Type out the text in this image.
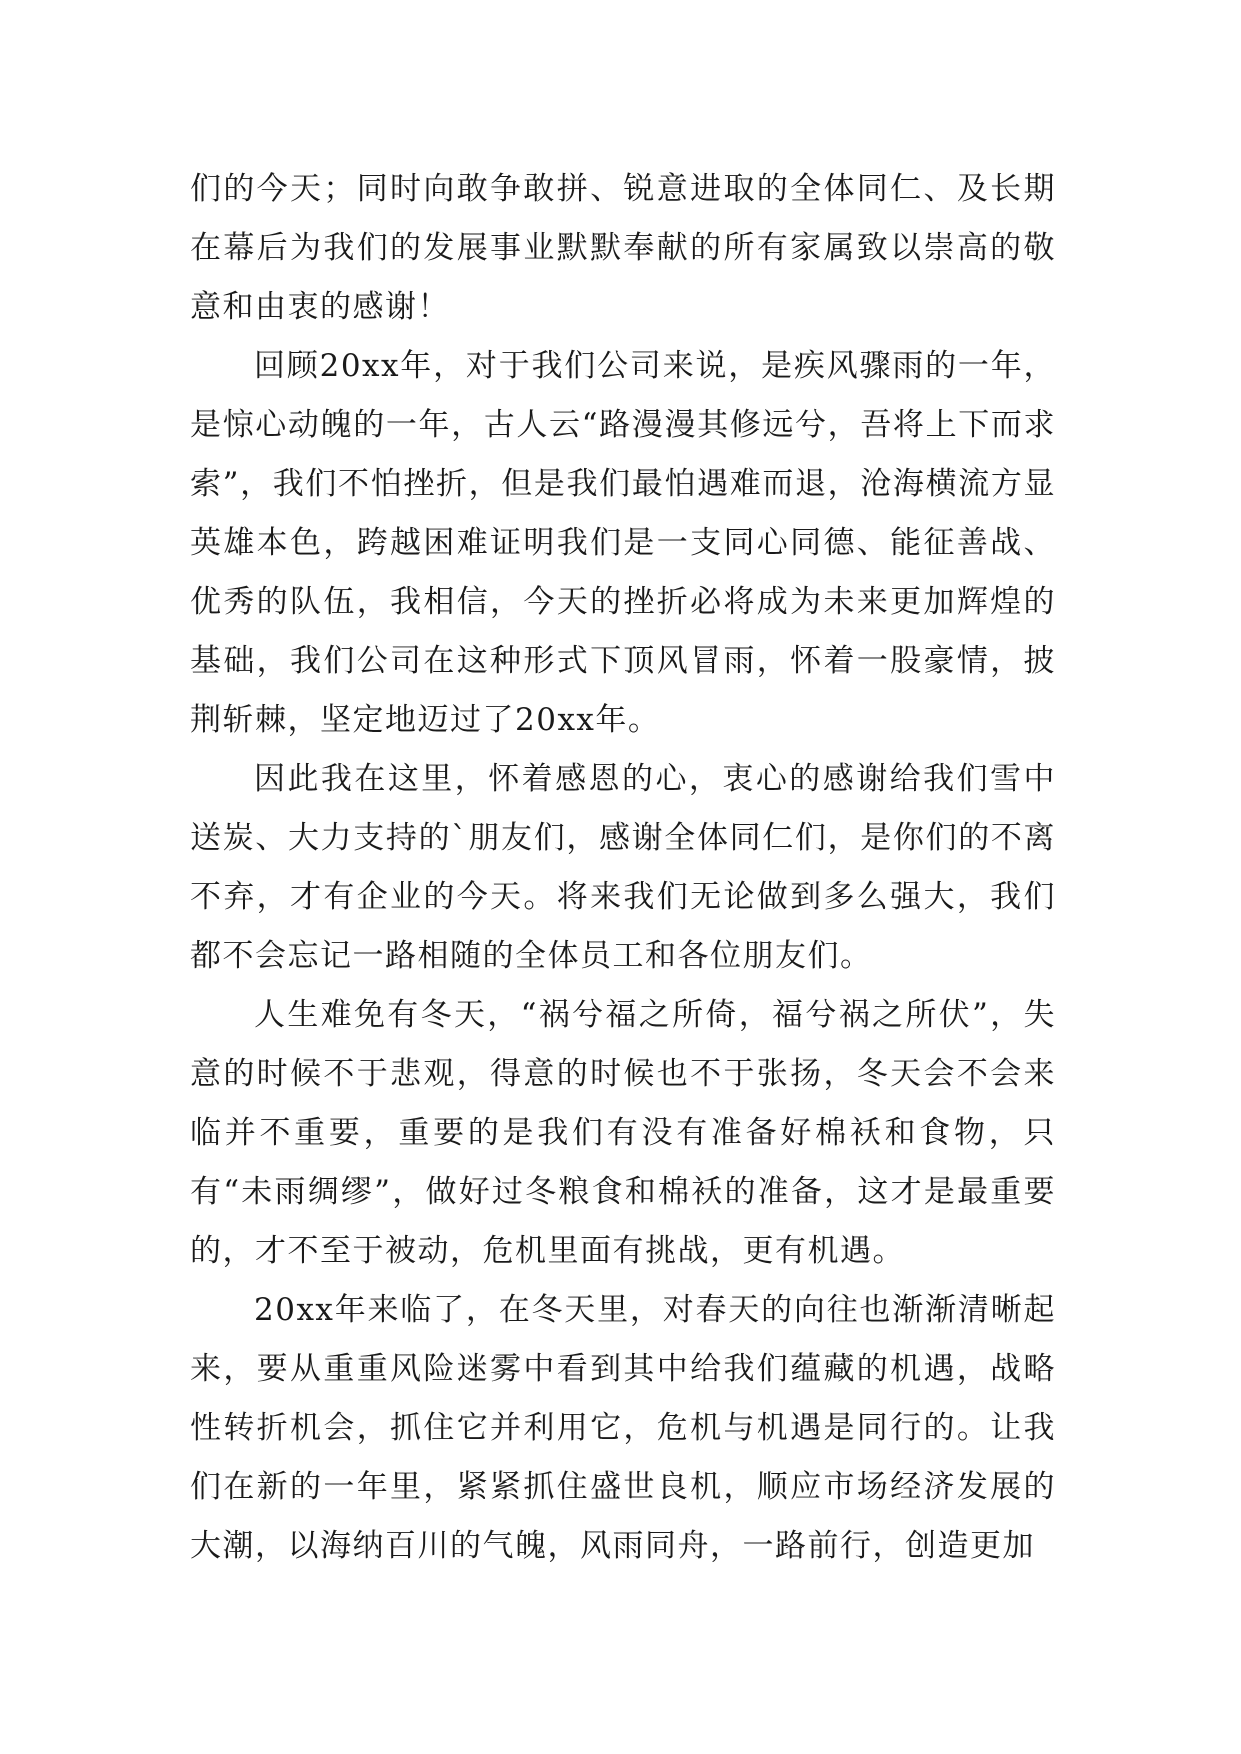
们的今天；同时向敢争敢拼、锐意进取的全体同仁、及长期在幕后为我们的发展事业默默奉献的所有家属致以崇高的敬意和由衷的感谢！

回顾20xx年，对于我们公司来说，是疾风骤雨的一年，是惊心动魄的一年，古人云“路漫漫其修远兮，吾将上下而求索”，我们不怕挫折，但是我们最怕遇难而退，沧海横流方显英雄本色，跨越困难证明我们是一支同心同德、能征善战、优秀的队伍，我相信，今天的挫折必将成为未来更加辉煌的基础，我们公司在这种形式下顶风冒雨，怀着一股豪情，披荆斩棘，坚定地迈过了20xx年。

因此我在这里，怀着感恩的心，衷心的感谢给我们雪中送炭、大力支持的`朋友们，感谢全体同仁们，是你们的不离不弃，才有企业的今天。将来我们无论做到多么强大，我们都不会忘记一路相随的全体员工和各位朋友们。

人生难免有冬天，“祸兮福之所倚，福兮祸之所伏”，失意的时候不于悲观，得意的时候也不于张扬，冬天会不会来临并不重要，重要的是我们有没有准备好棉袄和食物，只有“未雨绸缪”，做好过冬粮食和棉袄的准备，这才是最重要的，才不至于被动，危机里面有挑战，更有机遇。

20xx年来临了，在冬天里，对春天的向往也渐渐清晰起来，要从重重风险迷雾中看到其中给我们蕴藏的机遇，战略性转折机会，抓住它并利用它，危机与机遇是同行的。让我们在新的一年里，紧紧抓住盛世良机，顺应市场经济发展的大潮，以海纳百川的气魄，风雨同舟，一路前行，创造更加
